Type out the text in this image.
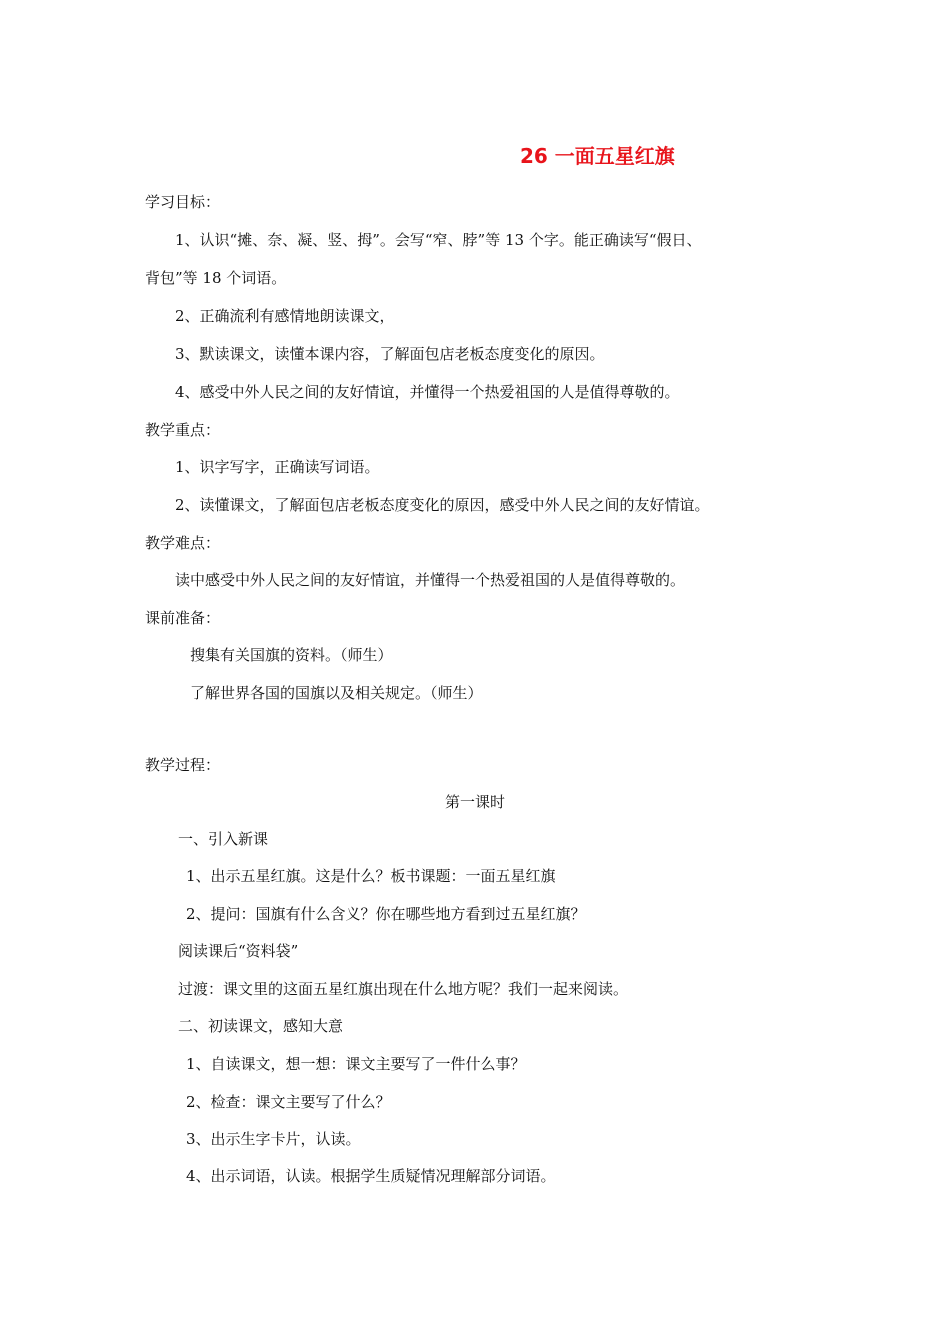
26 一面五星红旗
学习目标：
1、认识“摊、奈、凝、竖、拇”。会写“窄、脖”等 13 个字。能正确读写“假日、
背包”等 18 个词语。
2、正确流利有感情地朗读课文，
3、默读课文，读懂本课内容，了解面包店老板态度变化的原因。
4、感受中外人民之间的友好情谊，并懂得一个热爱祖国的人是值得尊敬的。
教学重点：
1、识字写字，正确读写词语。
2、读懂课文，了解面包店老板态度变化的原因，感受中外人民之间的友好情谊。
教学难点：
读中感受中外人民之间的友好情谊，并懂得一个热爱祖国的人是值得尊敬的。
课前准备：
搜集有关国旗的资料。（师生）
了解世界各国的国旗以及相关规定。（师生）
教学过程：
第一课时
一、引入新课
1、出示五星红旗。这是什么？板书课题：一面五星红旗
2、提问：国旗有什么含义？你在哪些地方看到过五星红旗？
阅读课后“资料袋”
过渡：课文里的这面五星红旗出现在什么地方呢？我们一起来阅读。
二、初读课文，感知大意
1、自读课文，想一想：课文主要写了一件什么事？
2、检查：课文主要写了什么？
3、出示生字卡片，认读。
4、出示词语，认读。根据学生质疑情况理解部分词语。
